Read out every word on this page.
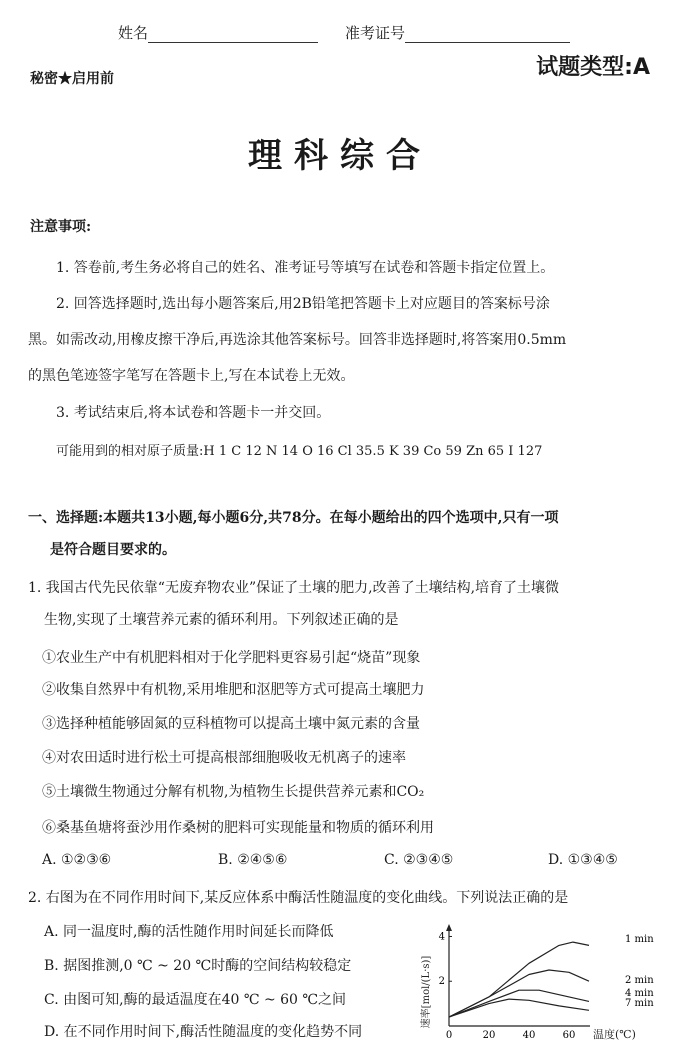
姓名	准考证号
秘密★启用前	试题类型:A
理科综合
注意事项:
1. 答卷前,考生务必将自己的姓名、准考证号等填写在试卷和答题卡指定位置上。
2. 回答选择题时,选出每小题答案后,用2B铅笔把答题卡上对应题目的答案标号涂
黑。如需改动,用橡皮擦干净后,再选涂其他答案标号。回答非选择题时,将答案用0.5mm
的黑色笔迹签字笔写在答题卡上,写在本试卷上无效。
3. 考试结束后,将本试卷和答题卡一并交回。
可能用到的相对原子质量:H 1 C 12 N 14 O 16 Cl 35.5 K 39 Co 59 Zn 65 I 127
一、选择题:本题共13小题,每小题6分,共78分。在每小题给出的四个选项中,只有一项
是符合题目要求的。
1. 我国古代先民依靠“无废弃物农业”保证了土壤的肥力,改善了土壤结构,培育了土壤微
生物,实现了土壤营养元素的循环利用。下列叙述正确的是
①农业生产中有机肥料相对于化学肥料更容易引起“烧苗”现象
②收集自然界中有机物,采用堆肥和沤肥等方式可提高土壤肥力
③选择种植能够固氮的豆科植物可以提高土壤中氮元素的含量
④对农田适时进行松土可提高根部细胞吸收无机离子的速率
⑤土壤微生物通过分解有机物,为植物生长提供营养元素和CO₂
⑥桑基鱼塘将蚕沙用作桑树的肥料可实现能量和物质的循环利用
A. ①②③⑥	B. ②④⑤⑥	C. ②③④⑤	D. ①③④⑤
2. 右图为在不同作用时间下,某反应体系中酶活性随温度的变化曲线。下列说法正确的是
A. 同一温度时,酶的活性随作用时间延长而降低
B. 据图推测,0 ℃ ~ 20 ℃时酶的空间结构较稳定
C. 由图可知,酶的最适温度在40 ℃ ~ 60 ℃之间
D. 在不同作用时间下,酶活性随温度的变化趋势不同
速率[mol/(L·s)]
温度(℃)
0	20	40	60
2
4	1 min
2 min
4 min
7 min
